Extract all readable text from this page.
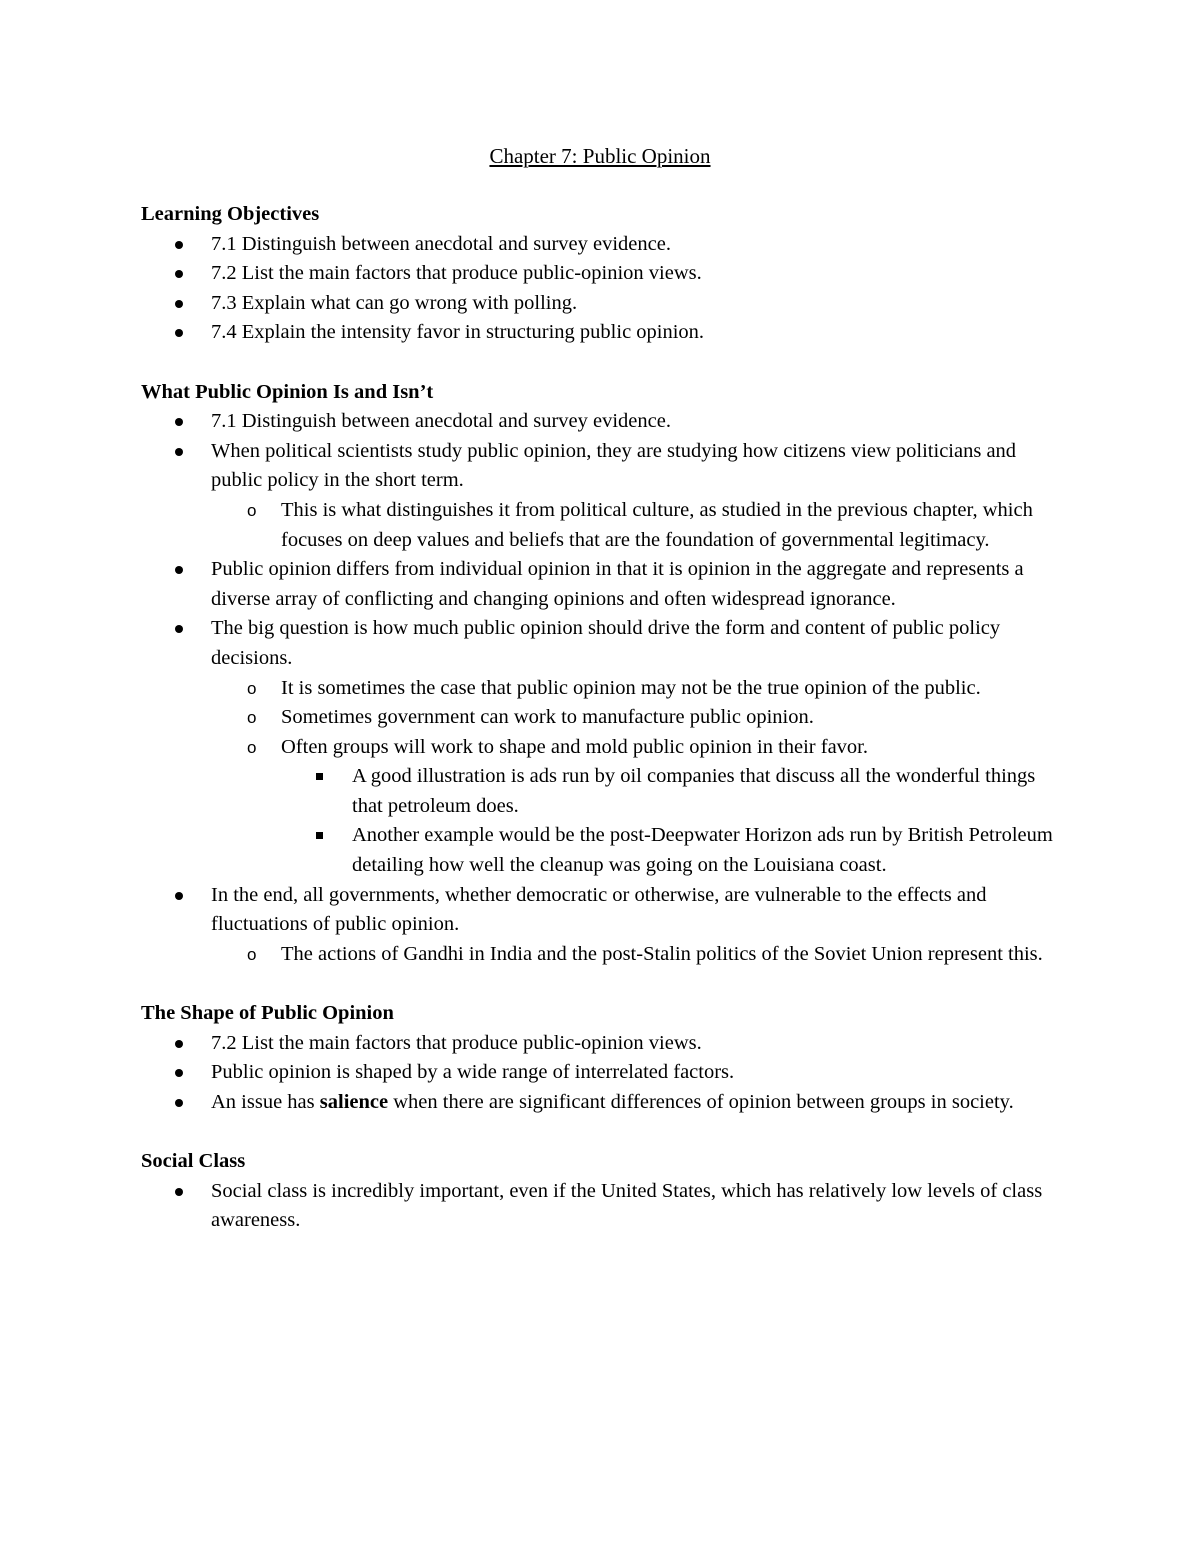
Chapter 7: Public Opinion

Learning Objectives

7.1 Distinguish between anecdotal and survey evidence.
7.2 List the main factors that produce public-opinion views.
7.3 Explain what can go wrong with polling.
7.4 Explain the intensity favor in structuring public opinion.

What Public Opinion Is and Isn’t

7.1 Distinguish between anecdotal and survey evidence.
When political scientists study public opinion, they are studying how citizens view politicians and public policy in the short term.
o This is what distinguishes it from political culture, as studied in the previous chapter, which focuses on deep values and beliefs that are the foundation of governmental legitimacy.
Public opinion differs from individual opinion in that it is opinion in the aggregate and represents a diverse array of conflicting and changing opinions and often widespread ignorance.
The big question is how much public opinion should drive the form and content of public policy decisions.
o It is sometimes the case that public opinion may not be the true opinion of the public.
o Sometimes government can work to manufacture public opinion.
o Often groups will work to shape and mold public opinion in their favor.
A good illustration is ads run by oil companies that discuss all the wonderful things that petroleum does.
Another example would be the post-Deepwater Horizon ads run by British Petroleum detailing how well the cleanup was going on the Louisiana coast.
In the end, all governments, whether democratic or otherwise, are vulnerable to the effects and fluctuations of public opinion.
o The actions of Gandhi in India and the post-Stalin politics of the Soviet Union represent this.

The Shape of Public Opinion

7.2 List the main factors that produce public-opinion views.
Public opinion is shaped by a wide range of interrelated factors.
An issue has salience when there are significant differences of opinion between groups in society.

Social Class

Social class is incredibly important, even if the United States, which has relatively low levels of class awareness.
